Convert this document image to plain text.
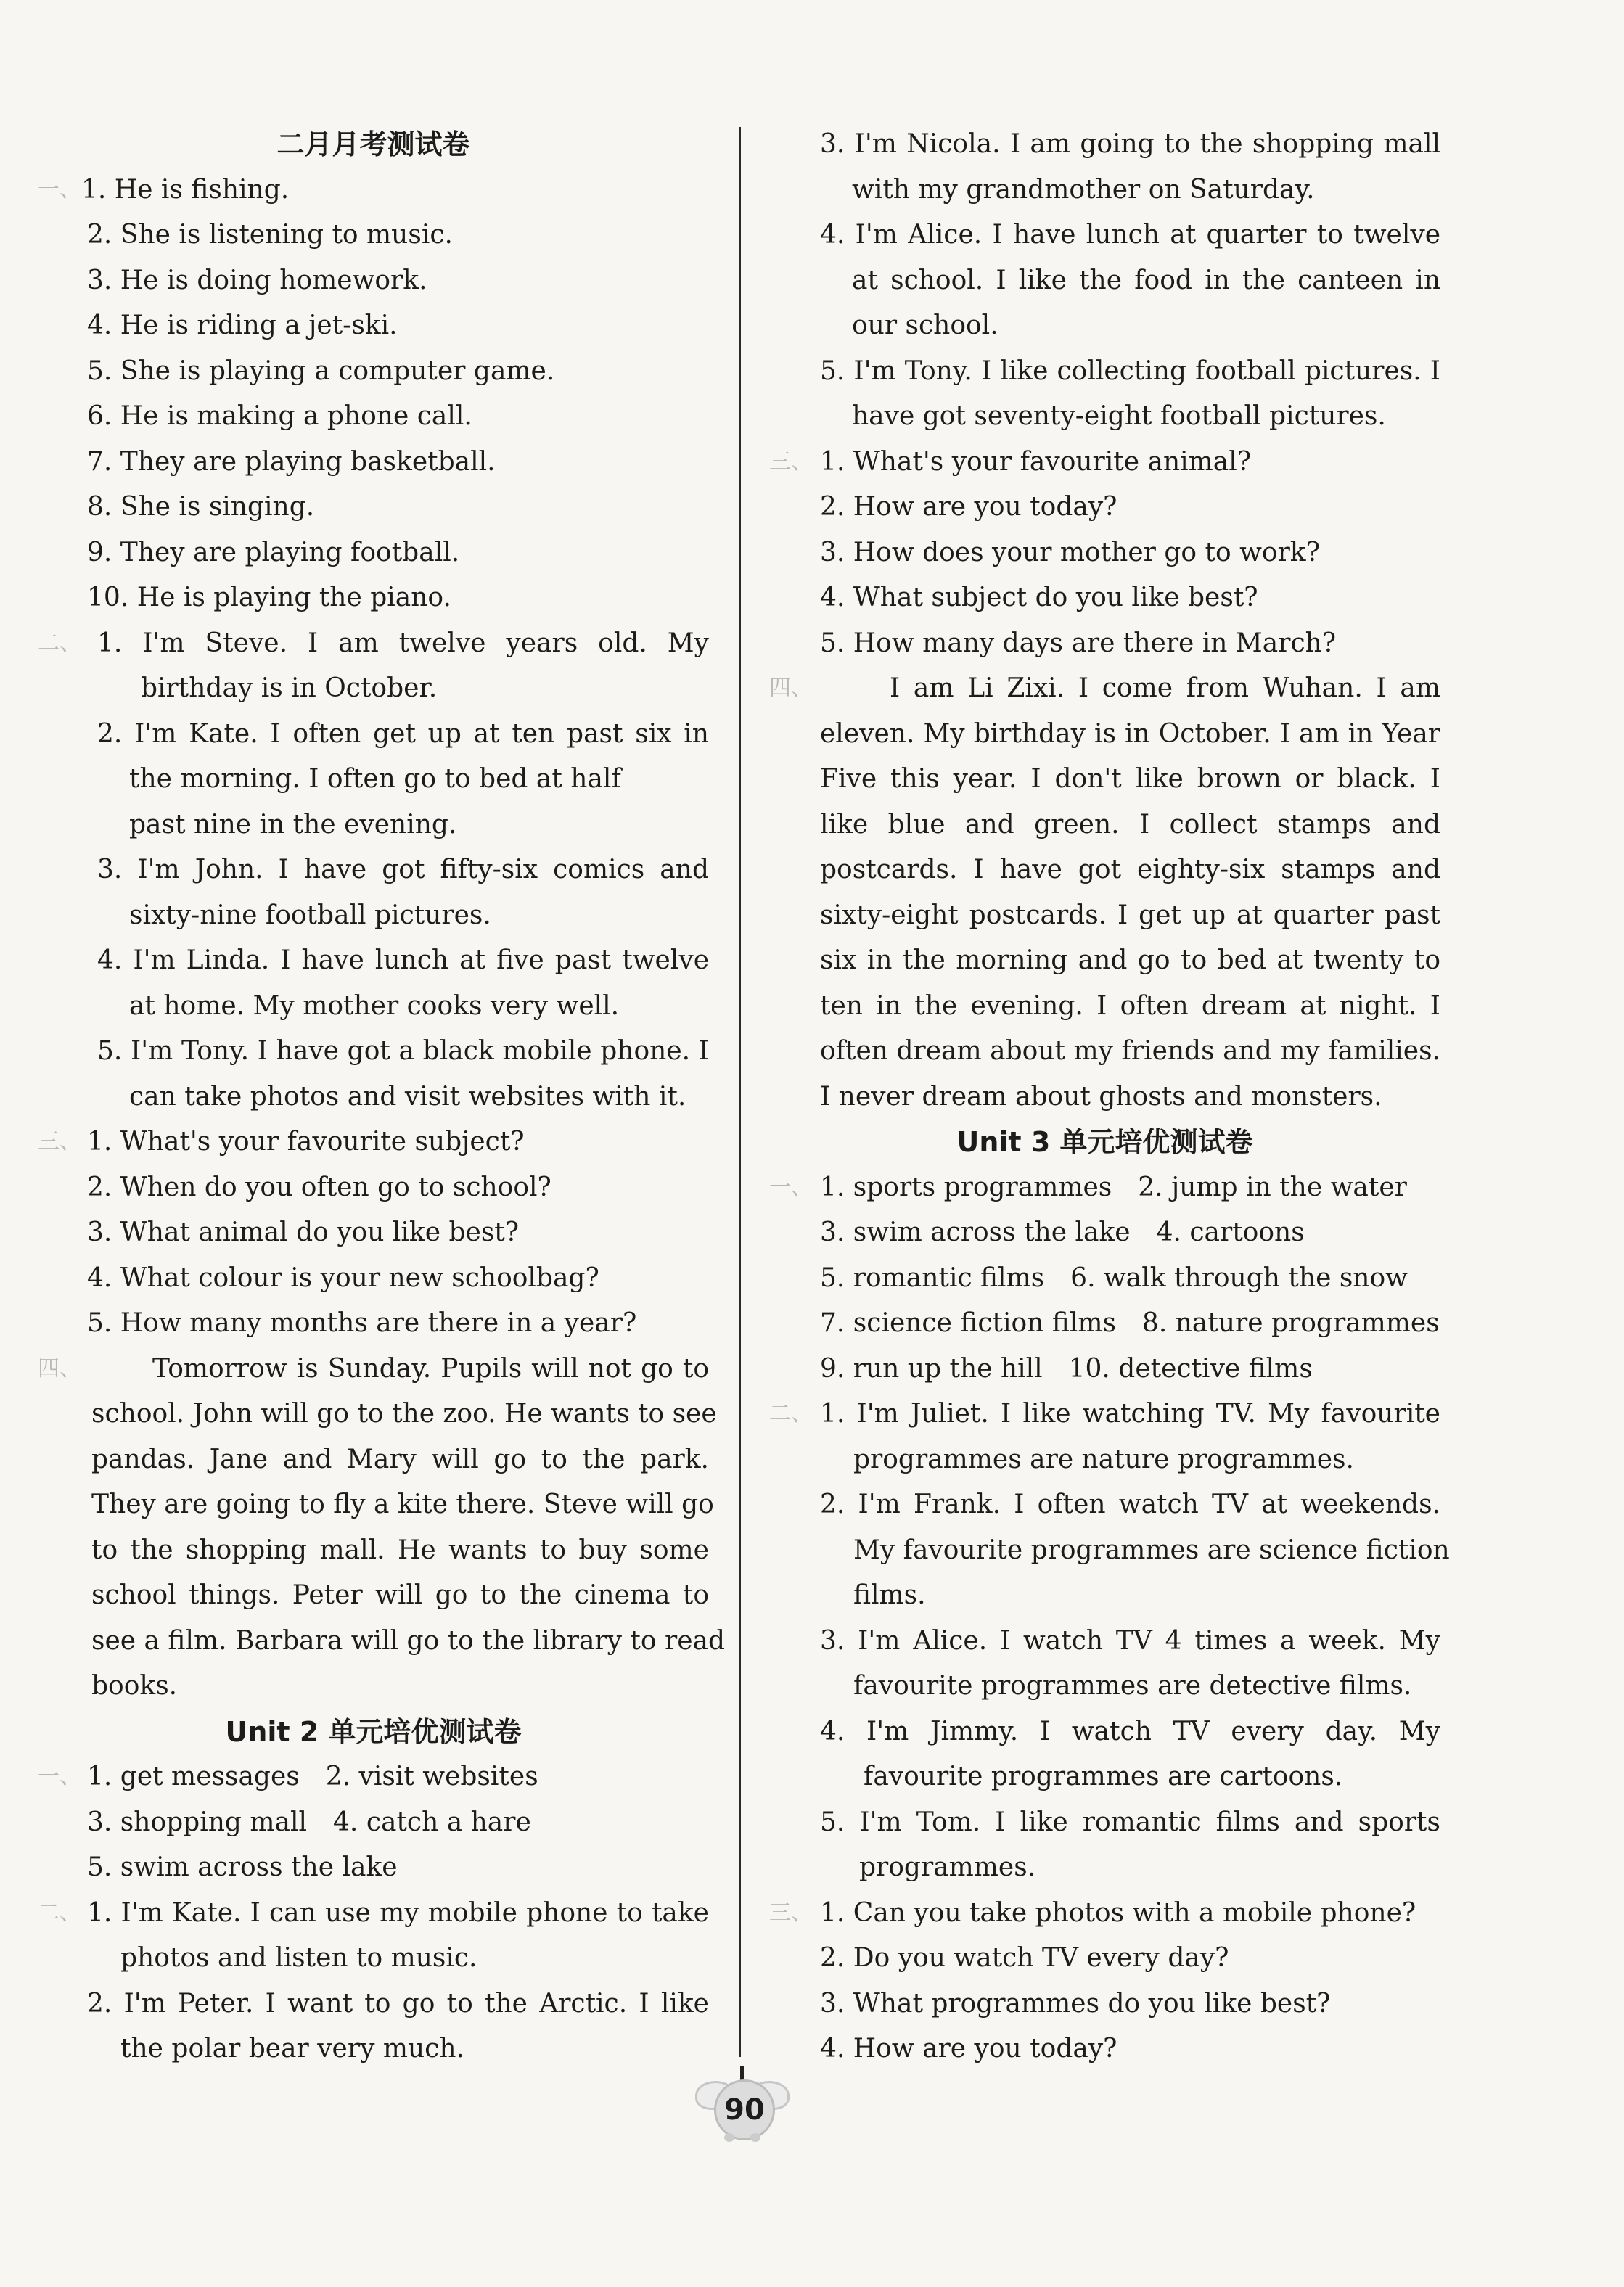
二月月考测试卷
一、 1. He is fishing.
2. She is listening to music.
3. He is doing homework.
4. He is riding a jet-ski.
5. She is playing a computer game.
6. He is making a phone call.
7. They are playing basketball.
8. She is singing.
9. They are playing football.
10. He is playing the piano.
二、 1. I'm Steve. I am twelve years old. My
birthday is in October.
2. I'm Kate. I often get up at ten past six in
the morning. I often go to bed at half
past nine in the evening.
3. I'm John. I have got fifty-six comics and
sixty-nine football pictures.
4. I'm Linda. I have lunch at five past twelve
at home. My mother cooks very well.
5. I'm Tony. I have got a black mobile phone. I
can take photos and visit websites with it.
三、 1. What's your favourite subject?
2. When do you often go to school?
3. What animal do you like best?
4. What colour is your new schoolbag?
5. How many months are there in a year?
四、	Tomorrow is Sunday. Pupils will not go to
school. John will go to the zoo. He wants to see
pandas. Jane and Mary will go to the park.
They are going to fly a kite there. Steve will go
to the shopping mall. He wants to buy some
school things. Peter will go to the cinema to
see a film. Barbara will go to the library to read
books.
Unit 2 单元培优测试卷
一、 1. get messages　2. visit websites
3. shopping mall　4. catch a hare
5. swim across the lake
二、 1. I'm Kate. I can use my mobile phone to take
photos and listen to music.
2. I'm Peter. I want to go to the Arctic. I like
the polar bear very much.
3. I'm Nicola. I am going to the shopping mall
with my grandmother on Saturday.
4. I'm Alice. I have lunch at quarter to twelve
at school. I like the food in the canteen in
our school.
5. I'm Tony. I like collecting football pictures. I
have got seventy-eight football pictures.
三、 1. What's your favourite animal?
2. How are you today?
3. How does your mother go to work?
4. What subject do you like best?
5. How many days are there in March?
四、	I am Li Zixi. I come from Wuhan. I am
eleven. My birthday is in October. I am in Year
Five this year. I don't like brown or black. I
like blue and green. I collect stamps and
postcards. I have got eighty-six stamps and
sixty-eight postcards. I get up at quarter past
six in the morning and go to bed at twenty to
ten in the evening. I often dream at night. I
often dream about my friends and my families.
I never dream about ghosts and monsters.
Unit 3 单元培优测试卷
一、 1. sports programmes　2. jump in the water
3. swim across the lake　4. cartoons
5. romantic films　6. walk through the snow
7. science fiction films　8. nature programmes
9. run up the hill　10. detective films
二、 1. I'm Juliet. I like watching TV. My favourite
programmes are nature programmes.
2. I'm Frank. I often watch TV at weekends.
My favourite programmes are science fiction
films.
3. I'm Alice. I watch TV 4 times a week. My
favourite programmes are detective films.
4. I'm Jimmy. I watch TV every day. My
favourite programmes are cartoons.
5. I'm Tom. I like romantic films and sports
programmes.
三、 1. Can you take photos with a mobile phone?
2. Do you watch TV every day?
3. What programmes do you like best?
4. How are you today?
90
